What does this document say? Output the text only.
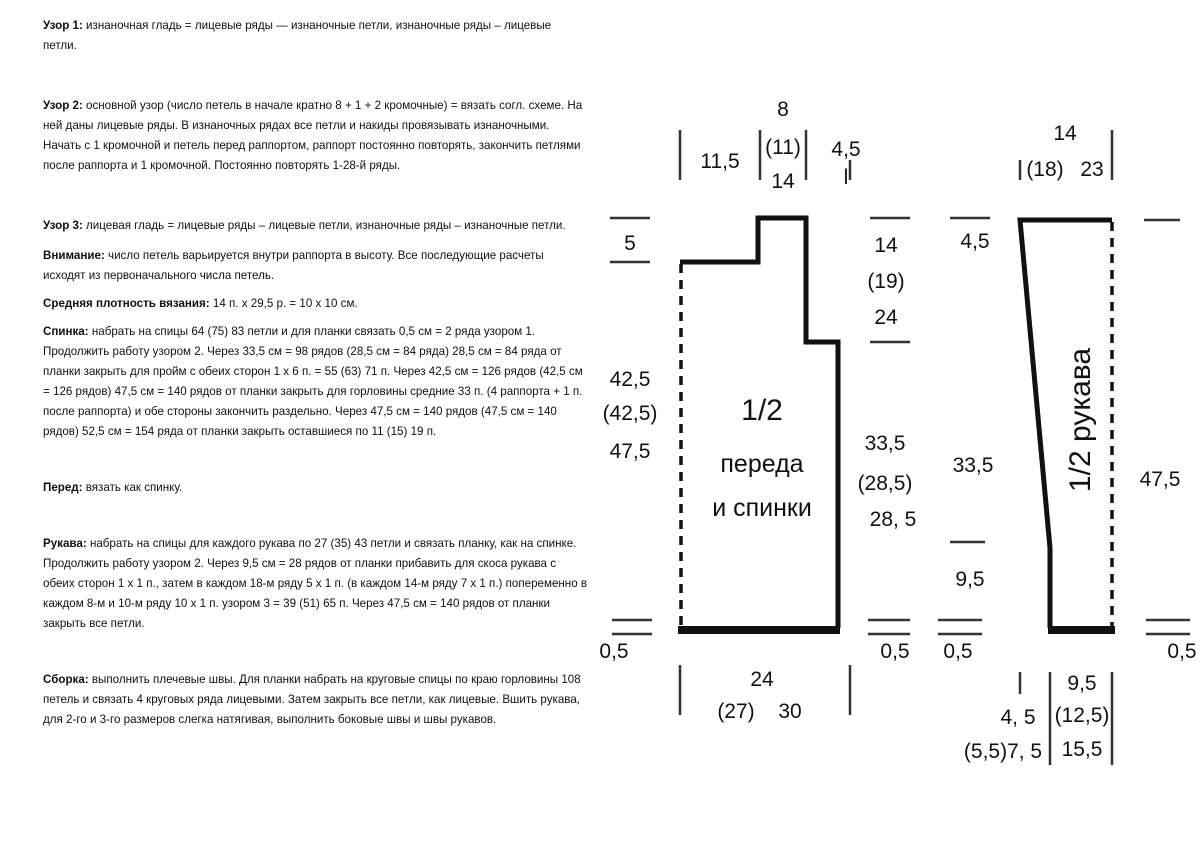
Узор 1: изнаночная гладь = лицевые ряды — изнаночные петли, изнаночные ряды – лицевые петли.

Узор 2: основной узор (число петель в начале кратно 8 + 1 + 2 кромочные) = вязать согл. схеме. На ней даны лицевые ряды. В изнаночных рядах все петли и накиды провязывать изнаночными. Начать с 1 кромочной и петель перед раппортом, раппорт постоянно повторять, закончить петлями после раппорта и 1 кромочной. Постоянно повторять 1-28-й ряды.

Узор 3: лицевая гладь = лицевые ряды – лицевые петли, изнаночные ряды – изнаночные петли.

Внимание: число петель варьируется внутри раппорта в высоту. Все последующие расчеты исходят из первоначального числа петель.

Средняя плотность вязания: 14 п. х 29,5 р. = 10 х 10 см.

Спинка: набрать на спицы 64 (75) 83 петли и для планки связать 0,5 см = 2 ряда узором 1. Продолжить работу узором 2. Через 33,5 см = 98 рядов (28,5 см = 84 ряда) 28,5 см = 84 ряда от планки закрыть для пройм с обеих сторон 1 х 6 п. = 55 (63) 71 п. Через 42,5 см = 126 рядов (42,5 см = 126 рядов) 47,5 см = 140 рядов от планки закрыть для горловины средние 33 п. (4 раппорта + 1 п. после раппорта) и обе стороны закончить раздельно. Через 47,5 см = 140 рядов (47,5 см = 140 рядов) 52,5 см = 154 ряда от планки закрыть оставшиеся по 11 (15) 19 п.

Перед: вязать как спинку.

Рукава: набрать на спицы для каждого рукава по 27 (35) 43 петли и связать планку, как на спинке. Продолжить работу узором 2. Через 9,5 см = 28 рядов от планки прибавить для скоса рукава с обеих сторон 1 х 1 п., затем в каждом 18-м ряду 5 х 1 п. (в каждом 14-м ряду 7 х 1 п.) попеременно в каждом 8-м и 10-м ряду 10 х 1 п. узором 3 = 39 (51) 65 п. Через 47,5 см = 140 рядов от планки закрыть все петли.

Сборка: выполнить плечевые швы. Для планки набрать на круговые спицы по краю горловины 108 петель и связать 4 круговых ряда лицевыми. Затем закрыть все петли, как лицевые. Вшить рукава, для 2-го и 3-го размеров слегка натягивая, выполнить боковые швы и швы рукавов.

1/2
переда
и спинки
8
(11)
14
11,5
4,5
l
5	14
(19)
24
42,5
(42,5)
47,5	33,5
(28,5)
28, 5
0,5	0,5
24
(27) 30
1/2 рукава
14
(18) 23
4,5
33,5
9,5
47,5
0,5	0,5
4, 5
(5,5)7, 5
9,5
(12,5)
15,5
